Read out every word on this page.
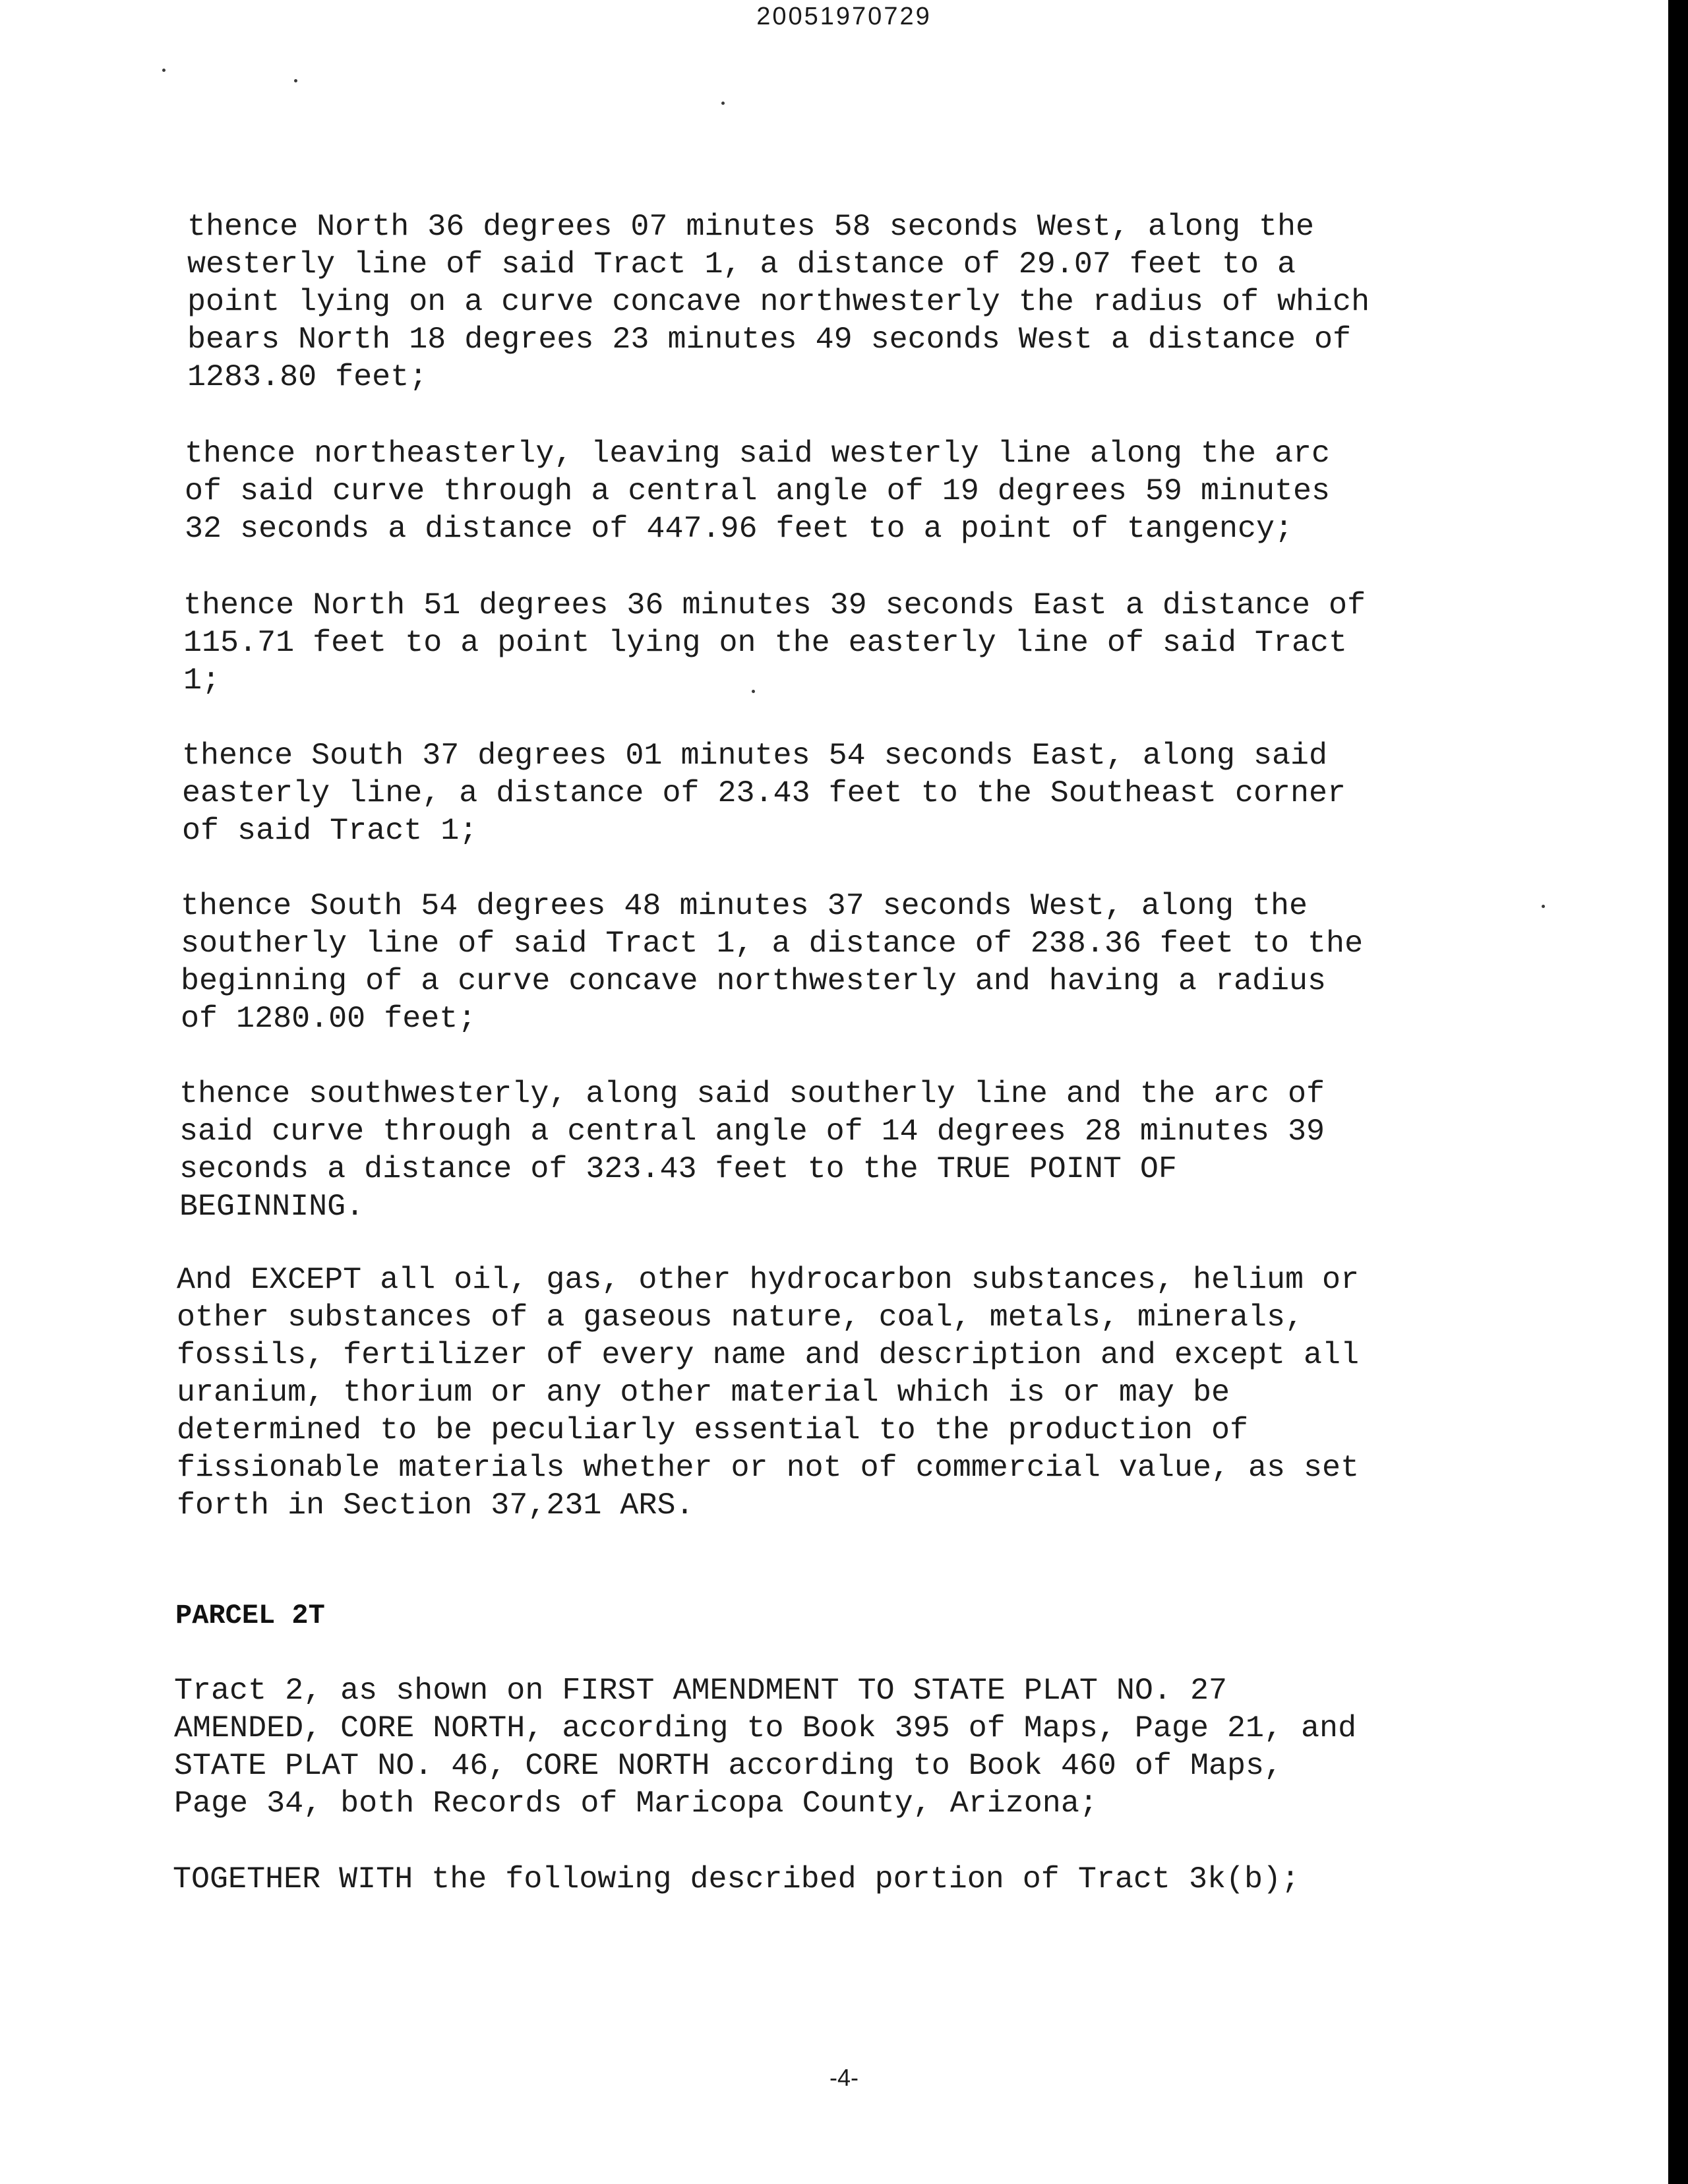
20051970729
thence North 36 degrees 07 minutes 58 seconds West, along the
westerly line of said Tract 1, a distance of 29.07 feet to a
point lying on a curve concave northwesterly the radius of which
bears North 18 degrees 23 minutes 49 seconds West a distance of
1283.80 feet;
thence northeasterly, leaving said westerly line along the arc
of said curve through a central angle of 19 degrees 59 minutes
32 seconds a distance of 447.96 feet to a point of tangency;
thence North 51 degrees 36 minutes 39 seconds East a distance of
115.71 feet to a point lying on the easterly line of said Tract
1;
thence South 37 degrees 01 minutes 54 seconds East, along said
easterly line, a distance of 23.43 feet to the Southeast corner
of said Tract 1;
thence South 54 degrees 48 minutes 37 seconds West, along the
southerly line of said Tract 1, a distance of 238.36 feet to the
beginning of a curve concave northwesterly and having a radius
of 1280.00 feet;
thence southwesterly, along said southerly line and the arc of
said curve through a central angle of 14 degrees 28 minutes 39
seconds a distance of 323.43 feet to the TRUE POINT OF
BEGINNING.
And EXCEPT all oil, gas, other hydrocarbon substances, helium or
other substances of a gaseous nature, coal, metals, minerals,
fossils, fertilizer of every name and description and except all
uranium, thorium or any other material which is or may be
determined to be peculiarly essential to the production of
fissionable materials whether or not of commercial value, as set
forth in Section 37,231 ARS.
PARCEL 2T
Tract 2, as shown on FIRST AMENDMENT TO STATE PLAT NO. 27
AMENDED, CORE NORTH, according to Book 395 of Maps, Page 21, and
STATE PLAT NO. 46, CORE NORTH according to Book 460 of Maps,
Page 34, both Records of Maricopa County, Arizona;
TOGETHER WITH the following described portion of Tract 3k(b);
-4-
